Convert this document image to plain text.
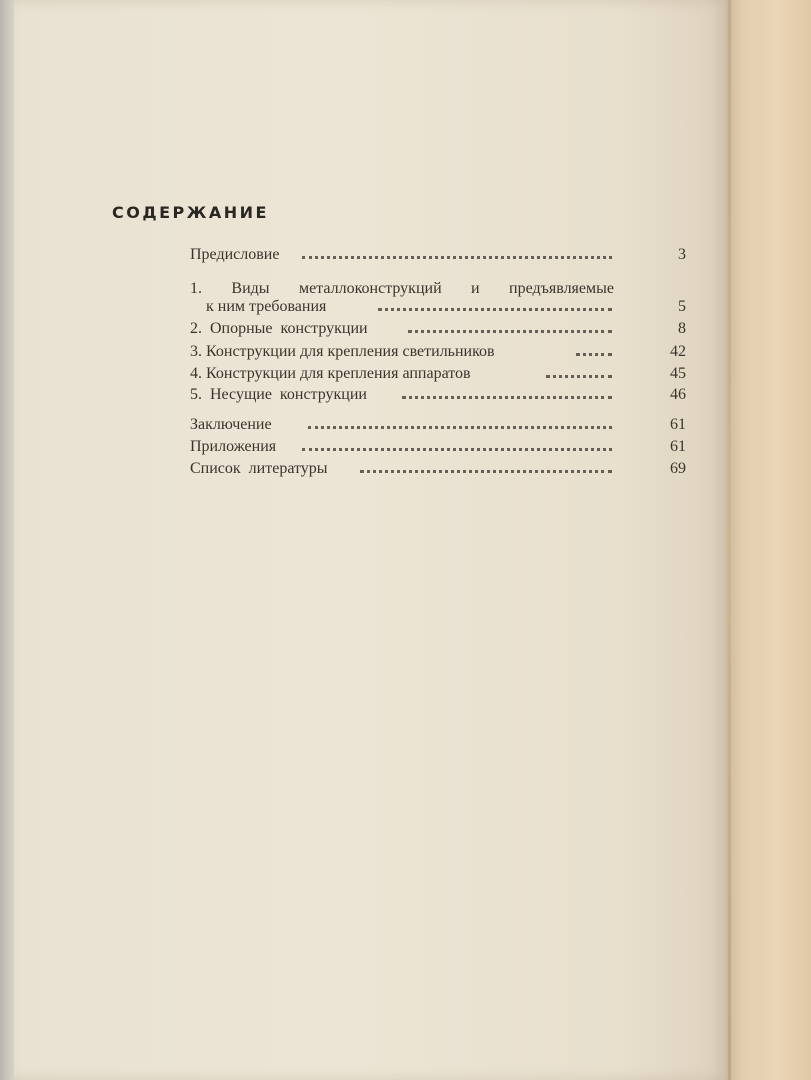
СОДЕРЖАНИЕ
Предисловие	3
1. Виды металлоконструкций и предъявляемые
к ним требования	5
2. Опорные конструкции	8
3. Конструкции для крепления светильников	42
4. Конструкции для крепления аппаратов	45
5. Несущие конструкции	46
Заключение	61
Приложения	61
Список литературы	69
